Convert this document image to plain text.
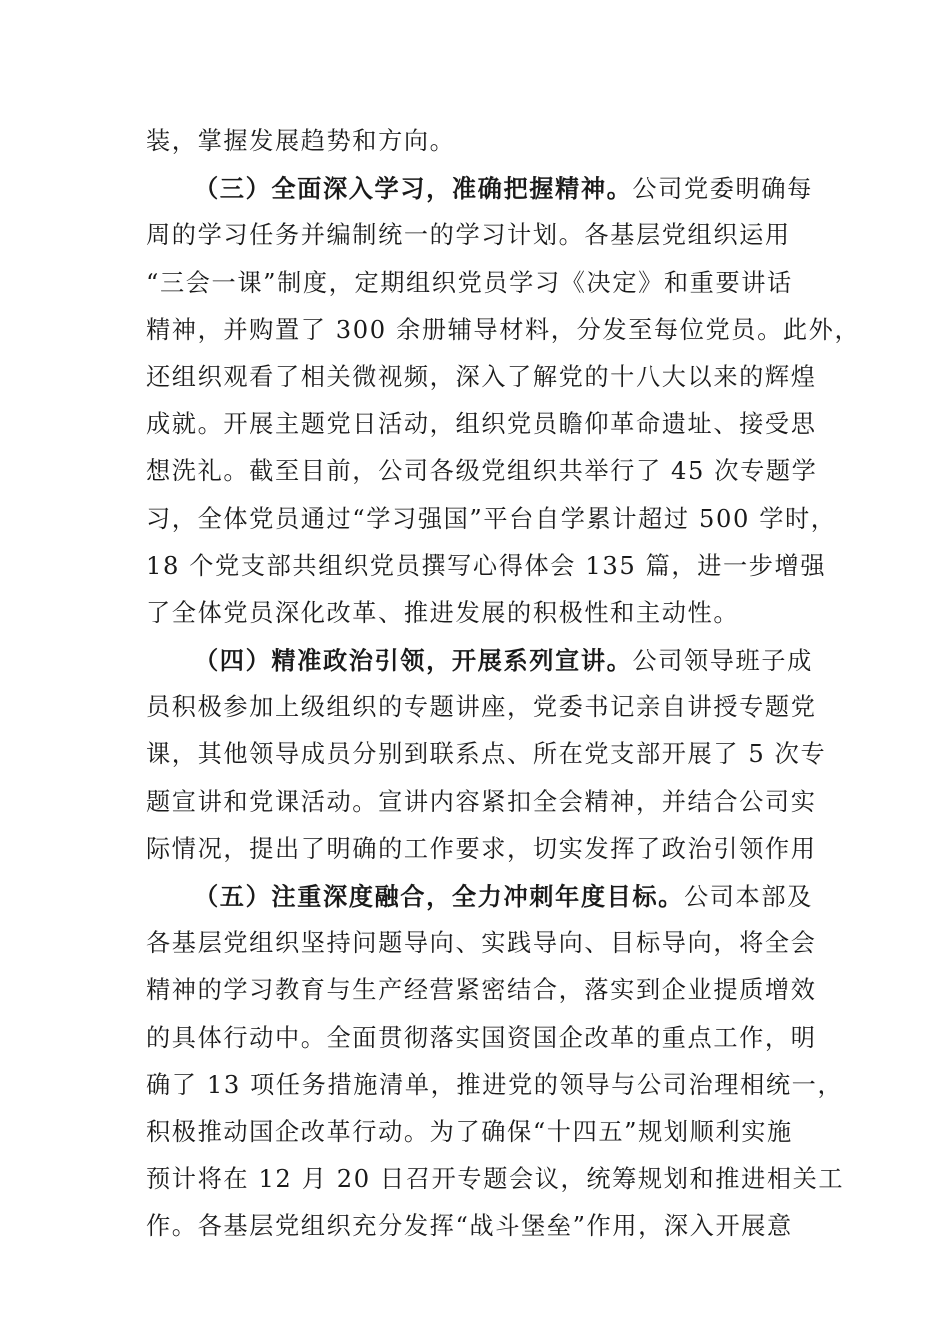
装，掌握发展趋势和方向。
（三）全面深入学习，准确把握精神。公司党委明确每
周的学习任务并编制统一的学习计划。各基层党组织运用
“三会一课”制度，定期组织党员学习《决定》和重要讲话
精神，并购置了 300 余册辅导材料，分发至每位党员。此外，
还组织观看了相关微视频，深入了解党的十八大以来的辉煌
成就。开展主题党日活动，组织党员瞻仰革命遗址、接受思
想洗礼。截至目前，公司各级党组织共举行了 45 次专题学
习，全体党员通过“学习强国”平台自学累计超过 500 学时，
18 个党支部共组织党员撰写心得体会 135 篇，进一步增强
了全体党员深化改革、推进发展的积极性和主动性。
（四）精准政治引领，开展系列宣讲。公司领导班子成
员积极参加上级组织的专题讲座，党委书记亲自讲授专题党
课，其他领导成员分别到联系点、所在党支部开展了 5 次专
题宣讲和党课活动。宣讲内容紧扣全会精神，并结合公司实
际情况，提出了明确的工作要求，切实发挥了政治引领作用
（五）注重深度融合，全力冲刺年度目标。公司本部及
各基层党组织坚持问题导向、实践导向、目标导向，将全会
精神的学习教育与生产经营紧密结合，落实到企业提质增效
的具体行动中。全面贯彻落实国资国企改革的重点工作，明
确了 13 项任务措施清单，推进党的领导与公司治理相统一，
积极推动国企改革行动。为了确保“十四五”规划顺利实施
预计将在 12 月 20 日召开专题会议，统筹规划和推进相关工
作。各基层党组织充分发挥“战斗堡垒”作用，深入开展意
